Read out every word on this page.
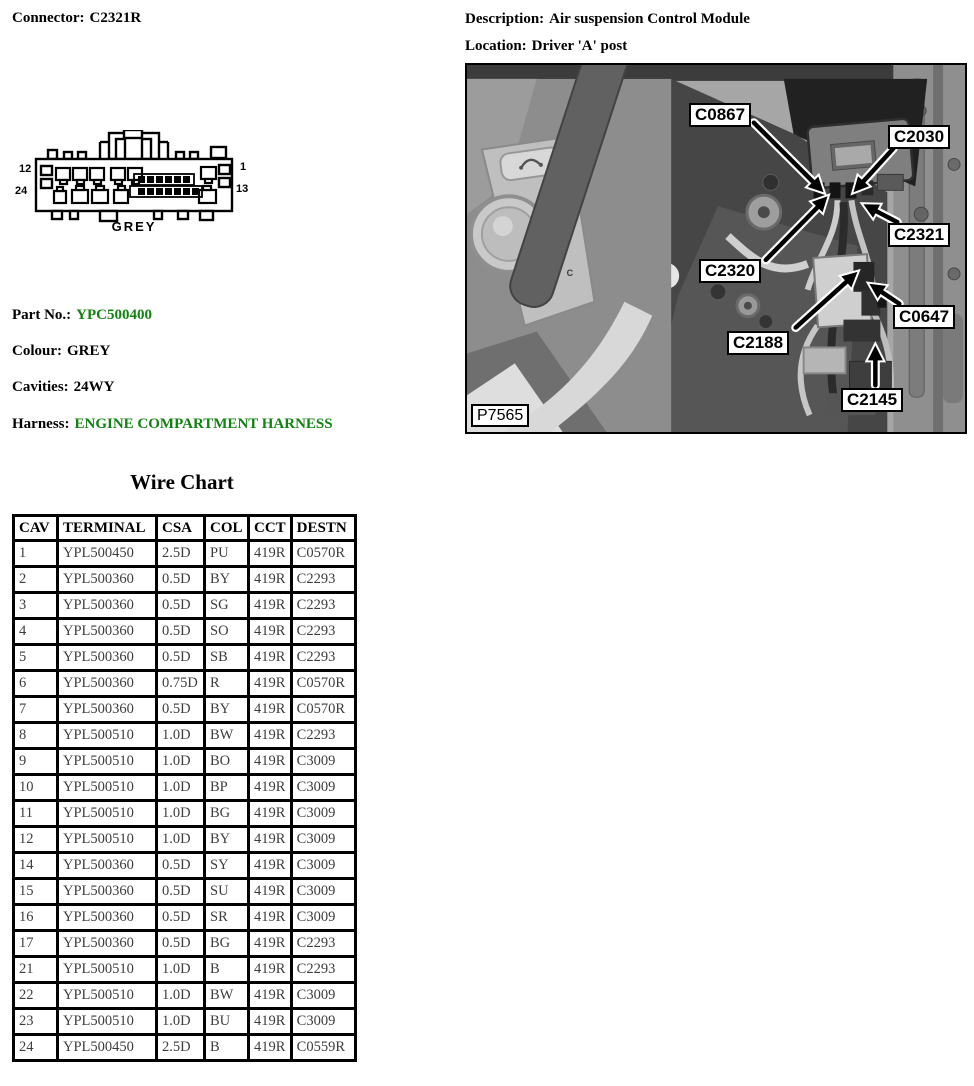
Connector: C2321R	Description: Air suspension Control Module
Location: Driver 'A' post
12
24
1
13
GREY
Part No.: YPC500400
Colour: GREY
Cavities: 24WY
Harness: ENGINE COMPARTMENT HARNESS
C
C0867
C2030
C2321
C2320
C2188
C0647
C2145
P7565
Wire Chart
CAV	TERMINAL	CSA	COL	CCT	DESTN
1	YPL500450	2.5D	PU	419R	C0570R
2	YPL500360	0.5D	BY	419R	C2293
3	YPL500360	0.5D	SG	419R	C2293
4	YPL500360	0.5D	SO	419R	C2293
5	YPL500360	0.5D	SB	419R	C2293
6	YPL500360	0.75D	R	419R	C0570R
7	YPL500360	0.5D	BY	419R	C0570R
8	YPL500510	1.0D	BW	419R	C2293
9	YPL500510	1.0D	BO	419R	C3009
10	YPL500510	1.0D	BP	419R	C3009
11	YPL500510	1.0D	BG	419R	C3009
12	YPL500510	1.0D	BY	419R	C3009
14	YPL500360	0.5D	SY	419R	C3009
15	YPL500360	0.5D	SU	419R	C3009
16	YPL500360	0.5D	SR	419R	C3009
17	YPL500360	0.5D	BG	419R	C2293
21	YPL500510	1.0D	B	419R	C2293
22	YPL500510	1.0D	BW	419R	C3009
23	YPL500510	1.0D	BU	419R	C3009
24	YPL500450	2.5D	B	419R	C0559R
